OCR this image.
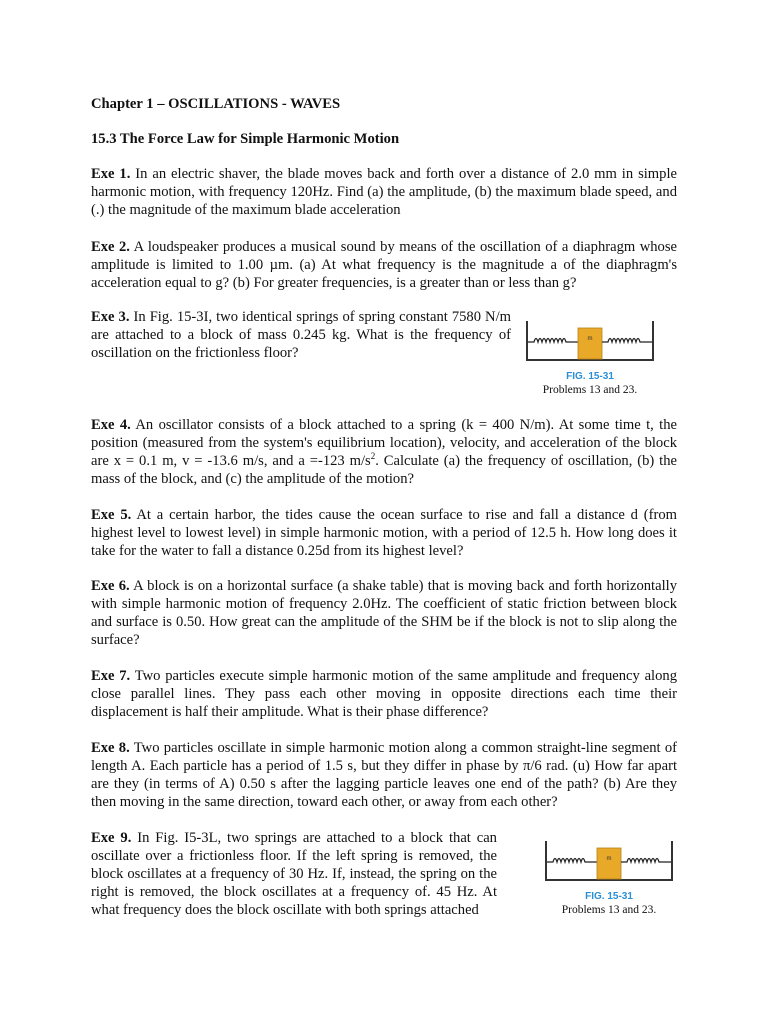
Chapter 1 – OSCILLATIONS - WAVES

15.3 The Force Law for Simple Harmonic Motion

Exe 1. In an electric shaver, the blade moves back and forth over a distance of 2.0 mm in simple harmonic motion, with frequency 120Hz. Find (a) the amplitude, (b) the maximum blade speed, and (.) the magnitude of the maximum blade acceleration

Exe 2. A loudspeaker produces a musical sound by means of the oscillation of a diaphragm whose amplitude is limited to 1.00 µm. (a) At what frequency is the magnitude a of the diaphragm's acceleration equal to g? (b) For greater frequencies, is a greater than or less than g?

Exe 3. In Fig. 15-3I, two identical springs of spring constant 7580 N/m are attached to a block of mass 0.245 kg. What is the frequency of oscillation on the frictionless floor?

m
FIG. 15-31
Problems 13 and 23.

Exe 4. An oscillator consists of a block attached to a spring (k = 400 N/m). At some time t, the position (measured from the system's equilibrium location), velocity, and acceleration of the block are x = 0.1 m, v = -13.6 m/s, and a =-123 $m/s^2$. Calculate (a) the frequency of oscillation, (b) the mass of the block, and (c) the amplitude of the motion?

Exe 5. At a certain harbor, the tides cause the ocean surface to rise and fall a distance d (from highest level to lowest level) in simple harmonic motion, with a period of 12.5 h. How long does it take for the water to fall a distance 0.25d from its highest level?

Exe 6. A block is on a horizontal surface (a shake table) that is moving back and forth horizontally with simple harmonic motion of frequency 2.0Hz. The coefficient of static friction between block and surface is 0.50. How great can the amplitude of the SHM be if the block is not to slip along the surface?

Exe 7. Two particles execute simple harmonic motion of the same amplitude and frequency along close parallel lines. They pass each other moving in opposite directions each time their displacement is half their amplitude. What is their phase difference?

Exe 8. Two particles oscillate in simple harmonic motion along a common straight-line segment of length A. Each particle has a period of 1.5 s, but they differ in phase by π/6 rad. (u) How far apart are they (in terms of A) 0.50 s after the lagging particle leaves one end of the path? (b) Are they then moving in the same direction, toward each other, or away from each other?

Exe 9. In Fig. I5-3L, two springs are attached to a block that can oscillate over a frictionless floor. If the left spring is removed, the block oscillates at a frequency of 30 Hz. If, instead, the spring on the right is removed, the block oscillates at a frequency of. 45 Hz. At what frequency does the block oscillate with both springs attached

m
FIG. 15-31
Problems 13 and 23.
